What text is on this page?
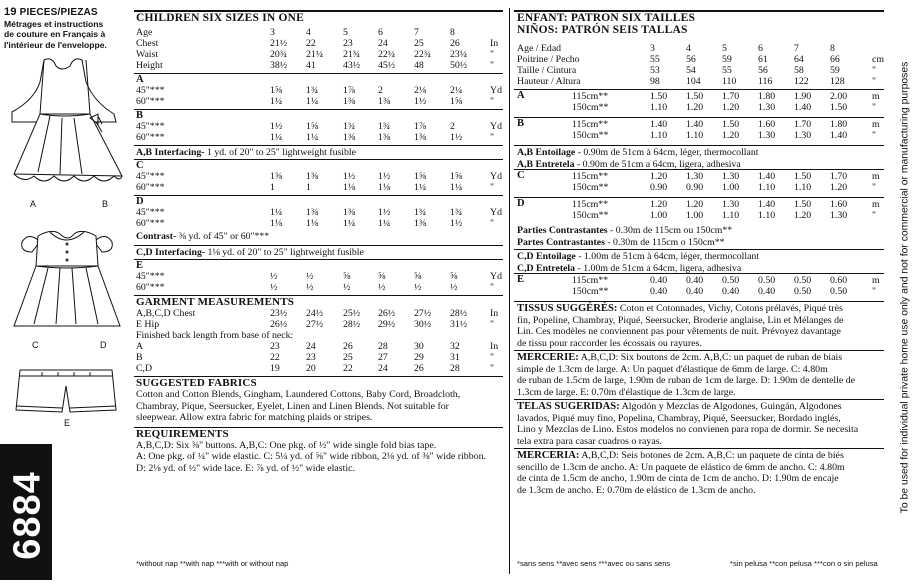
19 PIECES/PIEZAS
Métrages et instructions
de couture en Français à
l'intérieur de l'enveloppe.
A	B
C	D
E
6884
CHILDREN SIX SIZES IN ONE
Age	3	4	5	6	7	8
Chest	21½ 22	23	24	25	26	In
Waist	20¾ 21¼ 21¾ 22¼ 22¾ 23¼ "
Height	38½ 41	43½ 45½ 48	50½ "
A
45"***	1⅝ 1¾	1⅞ 2	2⅛ 2¼	Yd
60"***	1¼ 1¼	1⅜ 1⅜ 1½ 1⅝	"
B
45"***	1½ 1⅝	1¾ 1¾ 1⅞ 2	Yd
60"***	1¼ 1¼	1⅜ 1⅜ 1⅜ 1½	"
A,B Interfacing- 1 yd. of 20" to 25" lightweight fusible
C
45"***	1⅜ 1⅜	1½ 1½ 1⅝ 1⅝	Yd
60"***	1	1	1⅛ 1⅛ 1¼ 1¼	"
D
45"***	1¼ 1⅜	1⅜ 1½ 1¾ 1¾	Yd
60"***	1⅛ 1⅛	1¼ 1¼ 1⅜ 1½	"
Contrast- ⅜ yd. of 45" or 60"***
C,D Interfacing- 1⅛ yd. of 20" to 25" lightweight fusible
E
45"***	½	½	⅝	⅝	⅝	⅝	Yd
60"***	½	½	½	½	½	½	"
GARMENT MEASUREMENTS
A,B,C,D Chest	23½ 24½ 25½ 26½ 27½ 28½ In
E Hip	26½ 27½ 28½ 29½ 30½ 31½ "
Finished back length from base of neck:
A	23	24	26	28	30	32	In
B	22	23	25	27	29	31	"
C,D	19	20	22	24	26	28	"
SUGGESTED FABRICS
Cotton and Cotton Blends, Gingham, Laundered Cottons, Baby Cord, Broadcloth,
Chambray, Pique, Seersucker, Eyelet, Linen and Linen Blends. Not suitable for
sleepwear. Allow extra fabric for matching plaids or stripes.
REQUIREMENTS
A,B,C,D: Six ⅜" buttons. A,B,C: One pkg. of ½" wide single fold bias tape.
A: One pkg. of ¼" wide elastic. C: 5¼ yd. of ⅝" wide ribbon, 2⅛ yd. of ⅜" wide ribbon.
D: 2⅛ yd. of ½" wide lace. E: ⅞ yd. of ½" wide elastic.
*without nap **with nap ***with or without nap
ENFANT: PATRON SIX TAILLES
NIÑOS: PATRÓN SEIS TALLAS
Age / Edad	3	4	5	6	7	8
Poitrine / Pecho	55	56	59	61	64	66	cm
Taille / Cintura	53	54	55	56	58	59	"
Hauteur / Altura	98	104 110 116 122 128	"
A	115cm**	1.50 1.50 1.70 1.80 1.90 2.00	m
150cm**	1.10 1.20 1.20 1.30 1.40 1.50	"
B	115cm**	1.40 1.40 1.50 1.60 1.70 1.80	m
150cm**	1.10 1.10 1.20 1.30 1.30 1.40	"
A,B Entoilage - 0.90m de 51cm à 64cm, léger, thermocollant
A,B Entretela - 0.90m de 51cm a 64cm, ligera, adhesiva
C	115cm**	1.20 1.30 1.30 1.40 1.50 1.70	m
150cm**	0.90 0.90 1.00 1.10 1.10 1.20	"
D	115cm**	1.20 1.20 1.30 1.40 1.50 1.60	m
150cm**	1.00 1.00 1.10 1.10 1.20 1.30	"
Parties Contrastantes - 0.30m de 115cm ou 150cm**
Partes Contrastantes - 0.30m de 115cm o 150cm**
C,D Entoilage - 1.00m de 51cm à 64cm, léger, thermocollant
C,D Entretela - 1.00m de 51cm a 64cm, ligera, adhesiva
E	115cm**	0.40 0.40 0.50 0.50 0.50 0.60	m
150cm**	0.40 0.40 0.40 0.40 0.50 0.50	"
TISSUS SUGGÉRÉS: Coton et Cotonnades, Vichy, Cotons prélavés, Piqué très
fin, Popeline, Chambray, Piqué, Seersucker, Broderie anglaise, Lin et Mélanges de
Lin. Ces modèles ne conviennent pas pour vêtements de nuit. Prévoyez davantage
de tissu pour raccorder les écossais ou rayures.
MERCERIE: A,B,C,D: Six boutons de 2cm. A,B,C: un paquet de ruban de biais
simple de 1.3cm de large. A: Un paquet d'élastique de 6mm de large. C: 4.80m
de ruban de 1.5cm de large, 1.90m de ruban de 1cm de large. D: 1.90m de dentelle de
1.3cm de large. E: 0.70m d'élastique de 1.3cm de large.
TELAS SUGERIDAS: Algodón y Mezclas de Algodones, Guingán, Algodones
lavados, Piqué muy fino, Popelina, Chambray, Piqué, Seersucker, Bordado inglés,
Lino y Mezclas de Lino. Estos modelos no convienen para ropa de dormir. Se necesita
tela extra para casar cuadros o rayas.
MERCERIA: A,B,C,D: Seis botones de 2cm. A,B,C: un paquete de cinta de biés
sencillo de 1.3cm de ancho. A: Un paquete de elástico de 6mm de ancho. C: 4.80m
de cinta de 1.5cm de ancho, 1.90m de cinta de 1cm de ancho. D: 1.90m de encaje
de 1.3cm de ancho. E: 0.70m de elástico de 1.3cm de ancho.
*sans sens **avec sens ***avec ou sans sens	*sin pelusa **con pelusa ***con o sin pelusa
To be used for individual private home use only and not for commercial or manufacturing purposes
